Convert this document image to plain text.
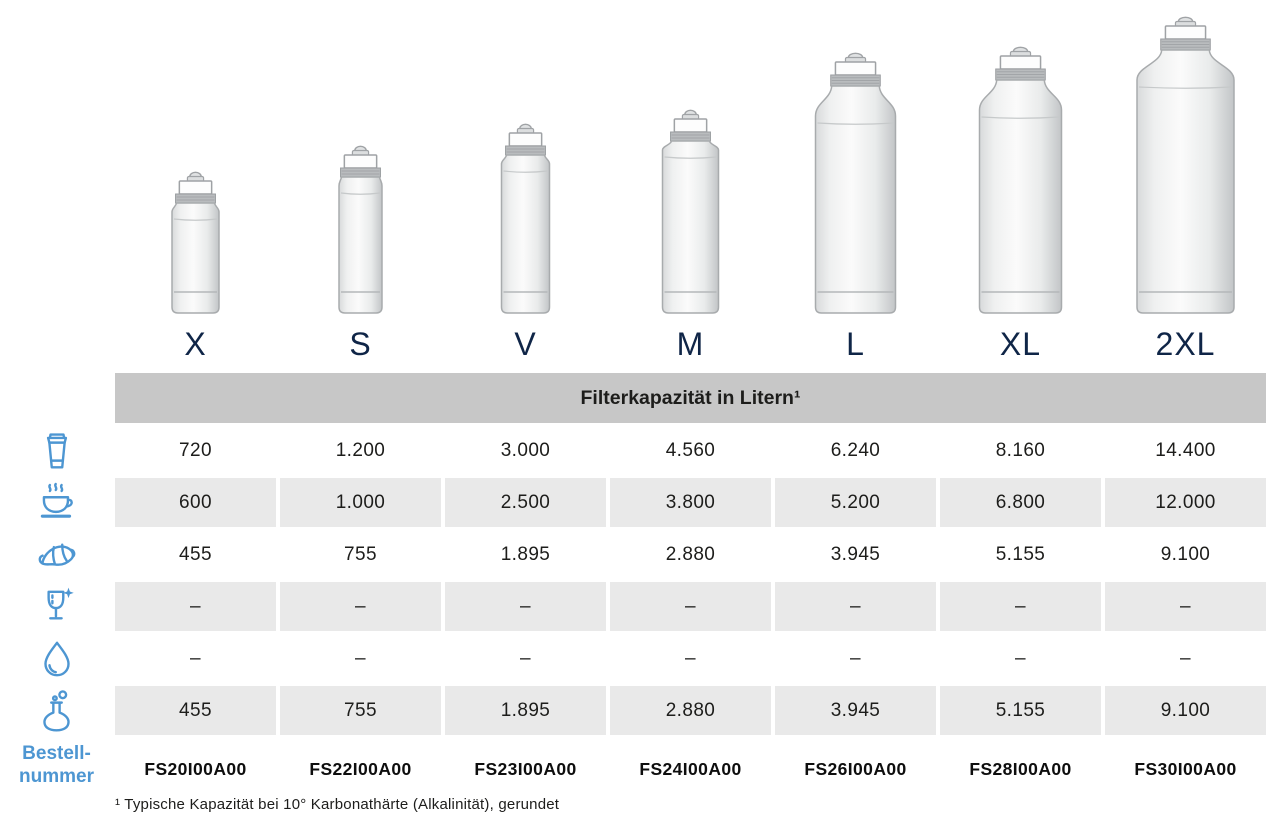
X	S	V	M	L	XL	2XL
Filterkapazität in Litern¹
720	1.200	3.000	4.560	6.240	8.160	14.400
600	1.000	2.500	3.800	5.200	6.800	12.000
455	755	1.895	2.880	3.945	5.155	9.100
–	–	–	–	–	–	–
–	–	–	–	–	–	–
455	755	1.895	2.880	3.945	5.155	9.100
FS20I00A00	FS22I00A00	FS23I00A00	FS24I00A00	FS26I00A00	FS28I00A00	FS30I00A00
Bestell-
nummer
¹ Typische Kapazität bei 10° Karbonathärte (Alkalinität), gerundet
